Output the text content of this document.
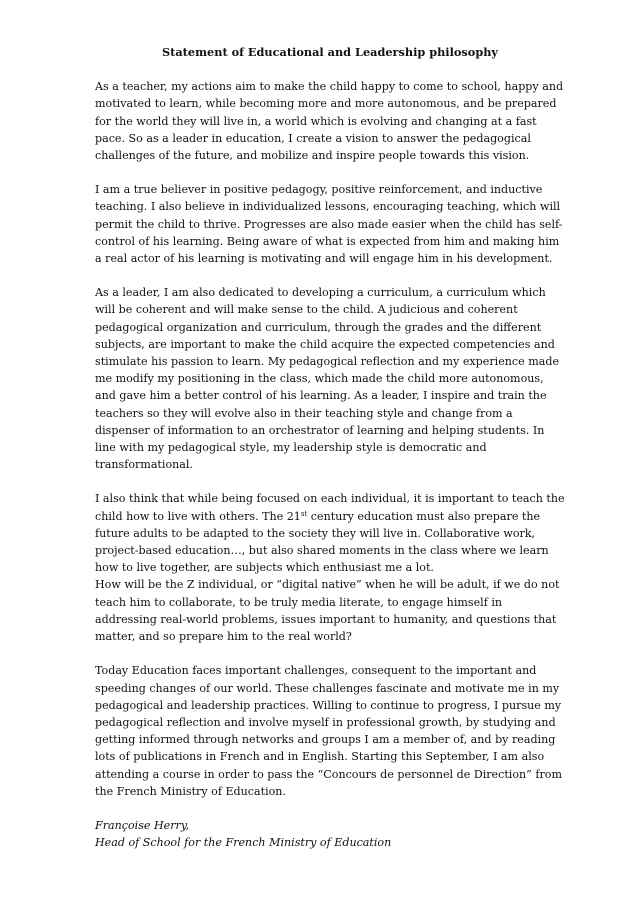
Statement of Educational and Leadership philosophy

As a teacher, my actions aim to make the child happy to come to school, happy and motivated to learn, while becoming more and more autonomous, and be prepared for the world they will live in, a world which is evolving and changing at a fast pace. So as a leader in education, I create a vision to answer the pedagogical challenges of the future, and mobilize and inspire people towards this vision.

I am a true believer in positive pedagogy, positive reinforcement, and inductive teaching. I also believe in individualized lessons, encouraging teaching, which will permit the child to thrive. Progresses are also made easier when the child has self-control of his learning. Being aware of what is expected from him and making him a real actor of his learning is motivating and will engage him in his development.

As a leader, I am also dedicated to developing a curriculum, a curriculum which will be coherent and will make sense to the child. A judicious and coherent pedagogical organization and curriculum, through the grades and the different subjects, are important to make the child acquire the expected competencies and stimulate his passion to learn. My pedagogical reflection and my experience made me modify my positioning in the class, which made the child more autonomous, and gave him a better control of his learning. As a leader, I inspire and train the teachers so they will evolve also in their teaching style and change from a dispenser of information to an orchestrator of learning and helping students. In line with my pedagogical style, my leadership style is democratic and transformational.

I also think that while being focused on each individual, it is important to teach the child how to live with others. The 21st century education must also prepare the future adults to be adapted to the society they will live in. Collaborative work, project-based education…, but also shared moments in the class where we learn how to live together, are subjects which enthusiast me a lot.

How will be the Z individual, or “digital native” when he will be adult, if we do not teach him to collaborate, to be truly media literate, to engage himself in addressing real-world problems, issues important to humanity, and questions that matter, and so prepare him to the real world?

Today Education faces important challenges, consequent to the important and speeding changes of our world. These challenges fascinate and motivate me in my pedagogical and leadership practices. Willing to continue to progress, I pursue my pedagogical reflection and involve myself in professional growth, by studying and getting informed through networks and groups I am a member of, and by reading lots of publications in French and in English. Starting this September, I am also attending a course in order to pass the “Concours de personnel de Direction” from the French Ministry of Education.

Françoise Herry,

Head of School for the French Ministry of Education
